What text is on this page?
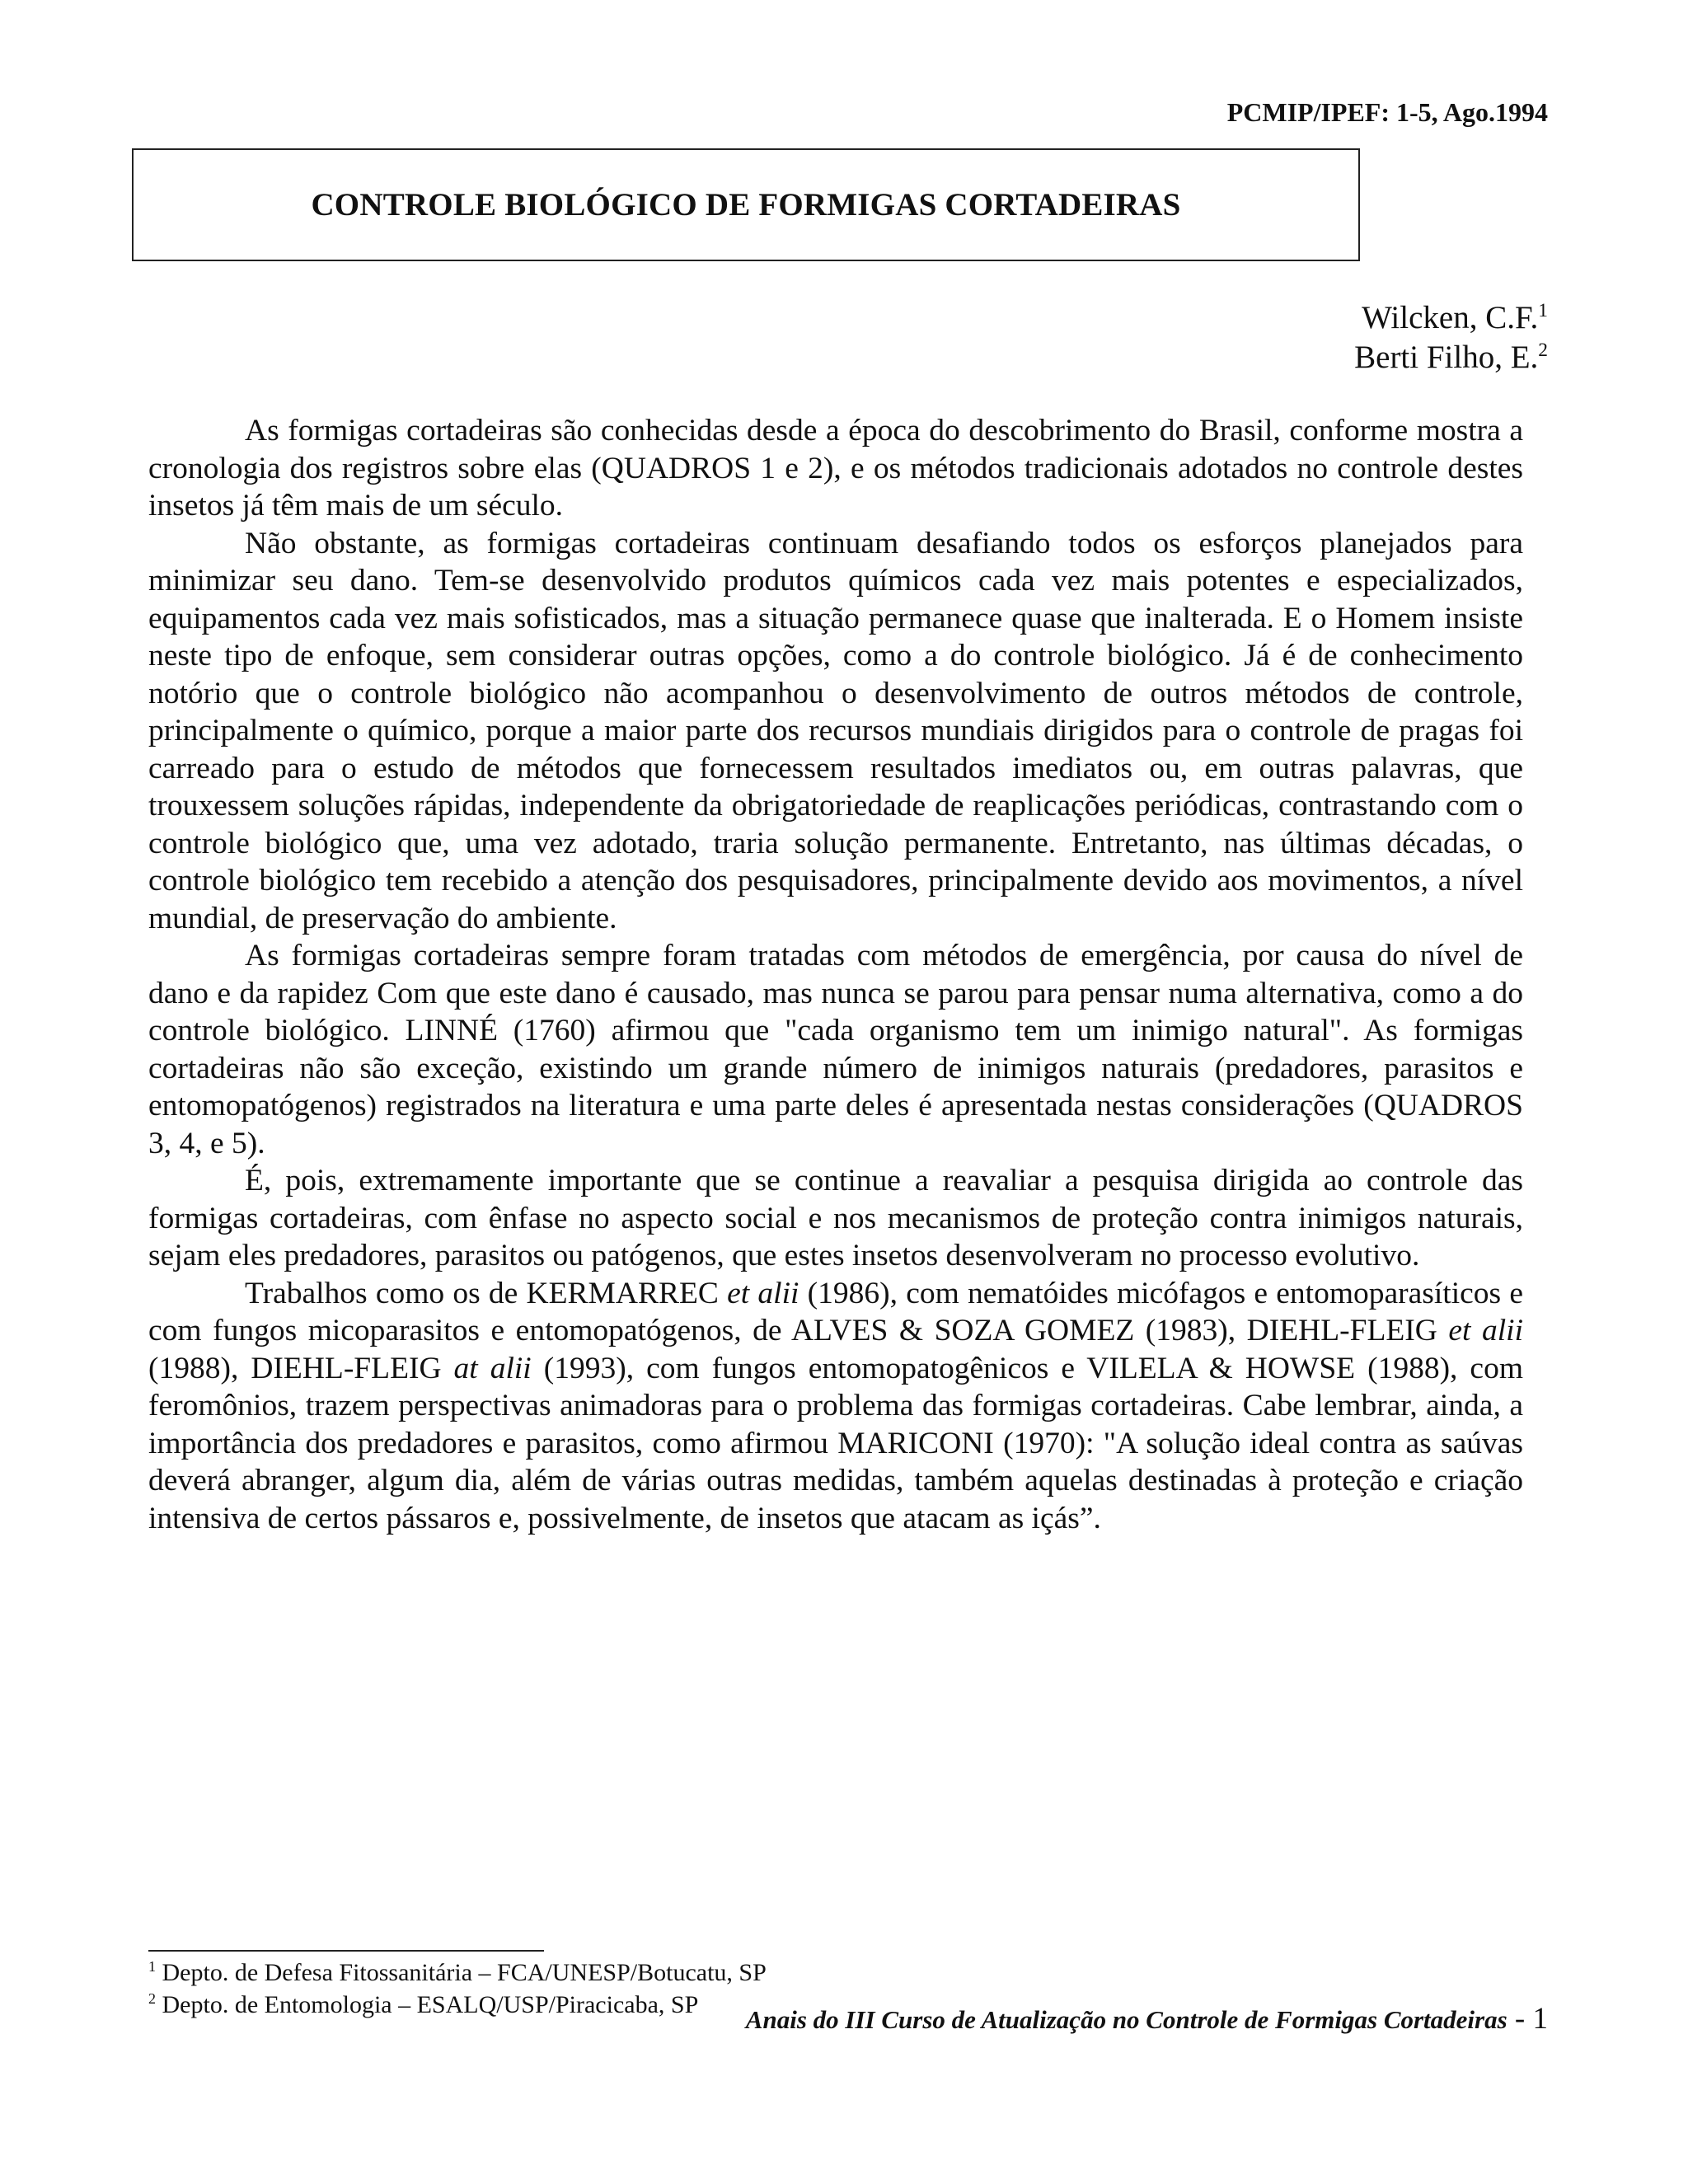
PCMIP/IPEF: 1-5, Ago.1994
CONTROLE BIOLÓGICO DE FORMIGAS CORTADEIRAS
Wilcken, C.F.$^1$
Berti Filho, E.$^2$

As formigas cortadeiras são conhecidas desde a época do descobrimento do Brasil, conforme mostra a cronologia dos registros sobre elas (QUADROS 1 e 2), e os métodos tradicionais adotados no controle destes insetos já têm mais de um século.

Não obstante, as formigas cortadeiras continuam desafiando todos os esforços planejados para minimizar seu dano. Tem-se desenvolvido produtos químicos cada vez mais potentes e especializados, equipamentos cada vez mais sofisticados, mas a situação permanece quase que inalterada. E o Homem insiste neste tipo de enfoque, sem considerar outras opções, como a do controle biológico. Já é de conhecimento notório que o controle biológico não acompanhou o desenvolvimento de outros métodos de controle, principalmente o químico, porque a maior parte dos recursos mundiais dirigidos para o controle de pragas foi carreado para o estudo de métodos que fornecessem resultados imediatos ou, em outras palavras, que trouxessem soluções rápidas, independente da obrigatoriedade de reaplicações periódicas, contrastando com o controle biológico que, uma vez adotado, traria solução permanente. Entretanto, nas últimas décadas, o controle biológico tem recebido a atenção dos pesquisadores, principalmente devido aos movimentos, a nível mundial, de preservação do ambiente.

As formigas cortadeiras sempre foram tratadas com métodos de emergência, por causa do nível de dano e da rapidez Com que este dano é causado, mas nunca se parou para pensar numa alternativa, como a do controle biológico. LINNÉ (1760) afirmou que "cada organismo tem um inimigo natural". As formigas cortadeiras não são exceção, existindo um grande número de inimigos naturais (predadores, parasitos e entomopatógenos) registrados na literatura e uma parte deles é apresentada nestas considerações (QUADROS 3, 4, e 5).

É, pois, extremamente importante que se continue a reavaliar a pesquisa dirigida ao controle das formigas cortadeiras, com ênfase no aspecto social e nos mecanismos de proteção contra inimigos naturais, sejam eles predadores, parasitos ou patógenos, que estes insetos desenvolveram no processo evolutivo.

Trabalhos como os de KERMARREC et alii (1986), com nematóides micófagos e entomoparasíticos e com fungos micoparasitos e entomopatógenos, de ALVES & SOZA GOMEZ (1983), DIEHL-FLEIG et alii (1988), DIEHL-FLEIG at alii (1993), com fungos entomopatogênicos e VILELA & HOWSE (1988), com feromônios, trazem perspectivas animadoras para o problema das formigas cortadeiras. Cabe lembrar, ainda, a importância dos predadores e parasitos, como afirmou MARICONI (1970): "A solução ideal contra as saúvas deverá abranger, algum dia, além de várias outras medidas, também aquelas destinadas à proteção e criação intensiva de certos pássaros e, possivelmente, de insetos que atacam as içás”.

$^1$ Depto. de Defesa Fitossanitária – FCA/UNESP/Botucatu, SP
$^2$ Depto. de Entomologia – ESALQ/USP/Piracicaba, SP
Anais do III Curso de Atualização no Controle de Formigas Cortadeiras - 1
